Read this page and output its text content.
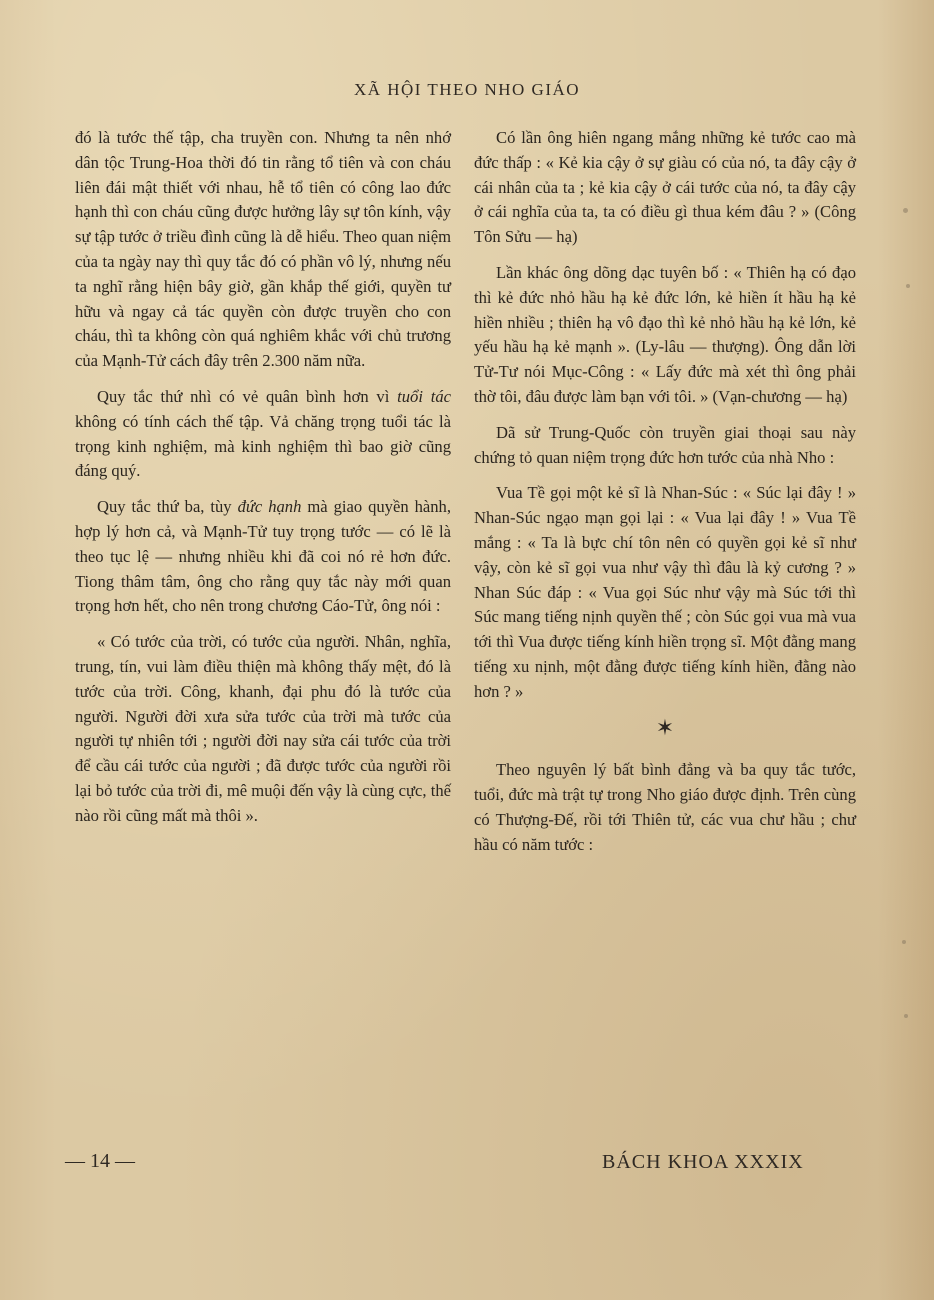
XÃ HỘI THEO NHO GIÁO

đó là tước thế tập, cha truyền con. Nhưng ta nên nhớ dân tộc Trung-Hoa thời đó tin rằng tổ tiên và con cháu liên đái mật thiết với nhau, hễ tổ tiên có công lao đức hạnh thì con cháu cũng được hưởng lây sự tôn kính, vậy sự tập tước ở triều đình cũng là dễ hiểu. Theo quan niệm của ta ngày nay thì quy tắc đó có phần vô lý, nhưng nếu ta nghĩ rằng hiện bây giờ, gần khắp thế giới, quyền tư hữu và ngay cả tác quyền còn được truyền cho con cháu, thì ta không còn quá nghiêm khắc với chủ trương của Mạnh-Tử cách đây trên 2.300 năm nữa.

Quy tắc thứ nhì có vẻ quân bình hơn vì tuổi tác không có tính cách thế tập. Vả chăng trọng tuổi tác là trọng kinh nghiệm, mà kinh nghiệm thì bao giờ cũng đáng quý.

Quy tắc thứ ba, tùy đức hạnh mà giao quyền hành, hợp lý hơn cả, và Mạnh-Tử tuy trọng tước — có lẽ là theo tục lệ — nhưng nhiều khi đã coi nó rẻ hơn đức. Tiong thâm tâm, ông cho rằng quy tắc này mới quan trọng hơn hết, cho nên trong chương Cáo-Tử, ông nói :

« Có tước của trời, có tước của người. Nhân, nghĩa, trung, tín, vui làm điều thiện mà không thấy mệt, đó là tước của trời. Công, khanh, đại phu đó là tước của người. Người đời xưa sửa tước của trời mà tước của người tự nhiên tới ; người đời nay sửa cái tước của trời để cầu cái tước của người ; đã được tước của người rồi lại bỏ tước của trời đi, mê muội đến vậy là cùng cực, thế nào rồi cũng mất mà thôi ».

Có lần ông hiên ngang mắng những kẻ tước cao mà đức thấp : « Kẻ kia cậy ở sự giàu có của nó, ta đây cậy ở cái nhân của ta ; kẻ kia cậy ở cái tước của nó, ta đây cậy ở cái nghĩa của ta, ta có điều gì thua kém đâu ? » (Công Tôn Sửu — hạ)

Lần khác ông dõng dạc tuyên bố : « Thiên hạ có đạo thì kẻ đức nhỏ hầu hạ kẻ đức lớn, kẻ hiền ít hầu hạ kẻ hiền nhiều ; thiên hạ vô đạo thì kẻ nhỏ hầu hạ kẻ lớn, kẻ yếu hầu hạ kẻ mạnh ». (Ly-lâu — thượng). Ông dẫn lời Tử-Tư nói Mục-Công : « Lấy đức mà xét thì ông phải thờ tôi, đâu được làm bạn với tôi. » (Vạn-chương — hạ)

Dã sử Trung-Quốc còn truyền giai thoại sau này chứng tỏ quan niệm trọng đức hơn tước của nhà Nho :

Vua Tề gọi một kẻ sĩ là Nhan-Súc : « Súc lại đây ! » Nhan-Súc ngạo mạn gọi lại : « Vua lại đây ! » Vua Tề mắng : « Ta là bực chí tôn nên có quyền gọi kẻ sĩ như vậy, còn kẻ sĩ gọi vua như vậy thì đâu là kỷ cương ? » Nhan Súc đáp : « Vua gọi Súc như vậy mà Súc tới thì Súc mang tiếng nịnh quyền thế ; còn Súc gọi vua mà vua tới thì Vua được tiếng kính hiền trọng sĩ. Một đằng mang tiếng xu nịnh, một đằng được tiếng kính hiền, đằng nào hơn ? »

✶

Theo nguyên lý bất bình đẳng và ba quy tắc tước, tuổi, đức mà trật tự trong Nho giáo được định. Trên cùng có Thượng-Đế, rồi tới Thiên tử, các vua chư hầu ; chư hầu có năm tước :

— 14 —	BÁCH KHOA XXXIX
